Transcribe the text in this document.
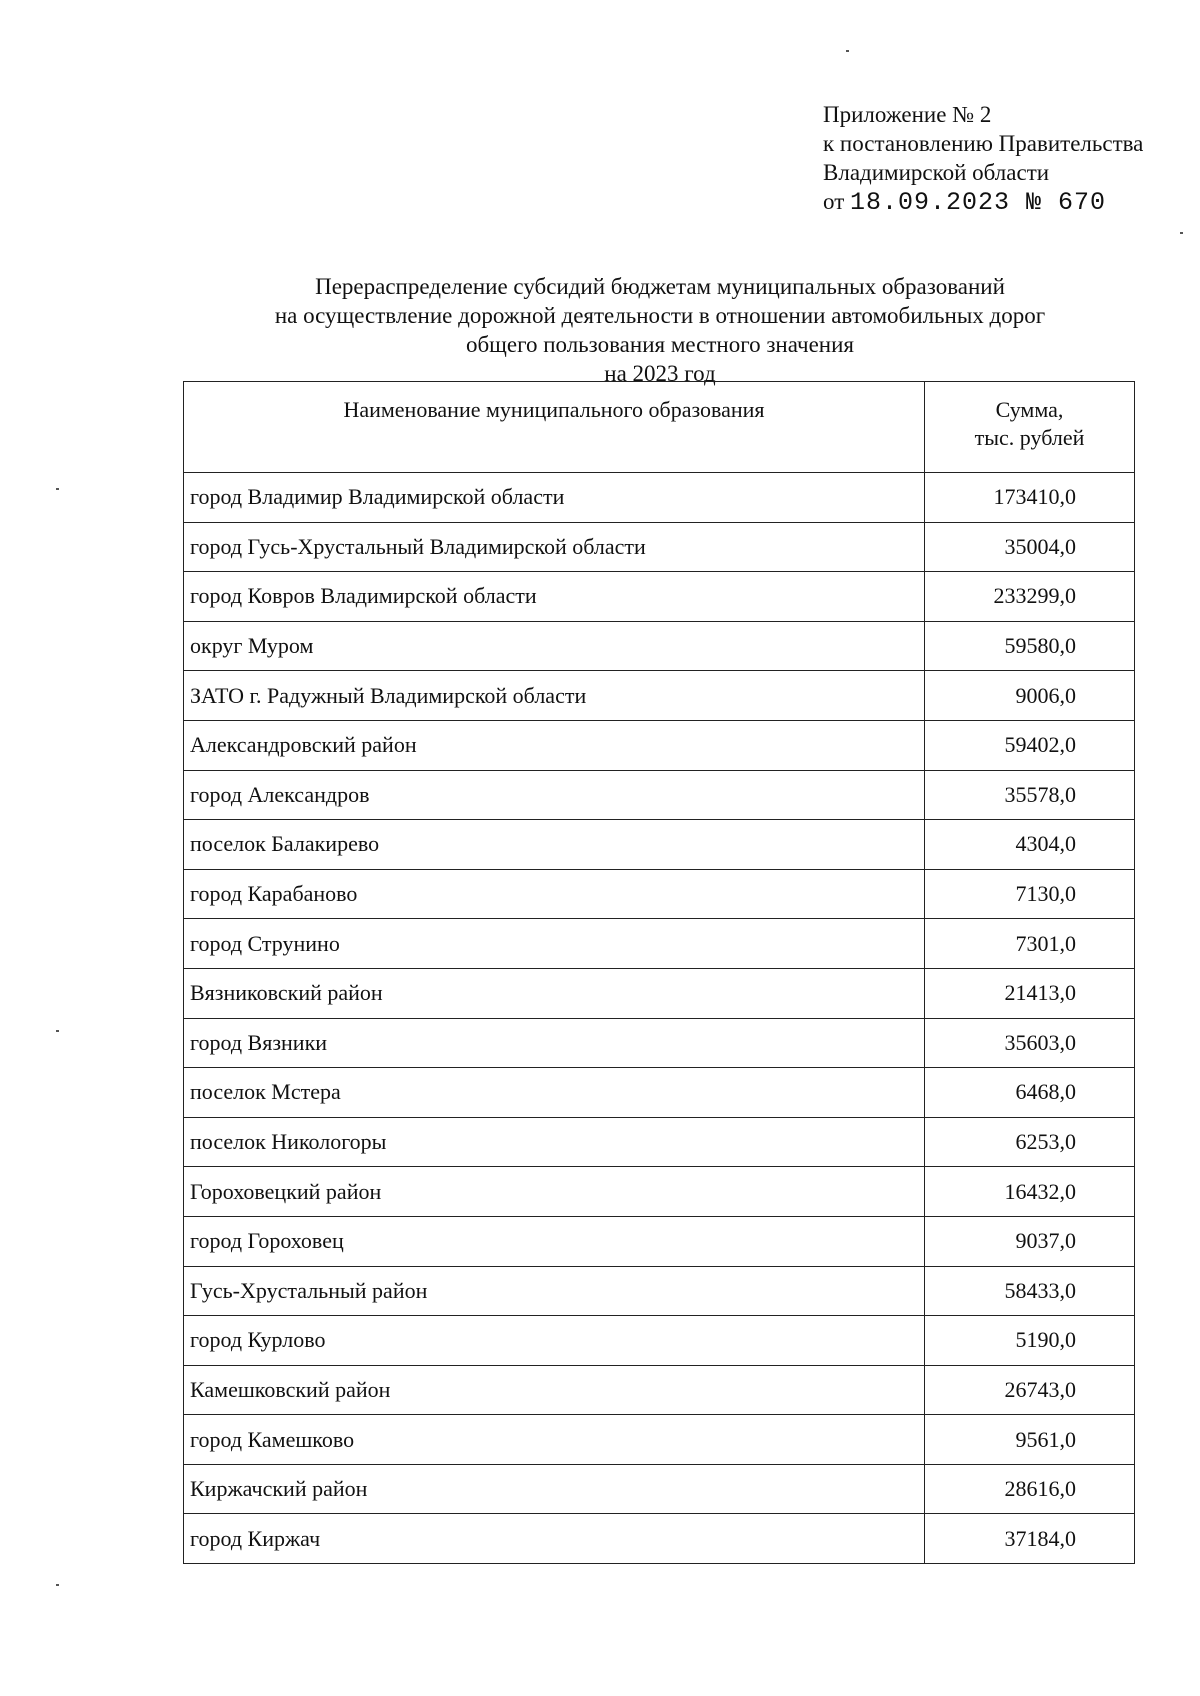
Приложение № 2
к постановлению Правительства
Владимирской области
от 18.09.2023 № 670
Перераспределение субсидий бюджетам муниципальных образований
на осуществление дорожной деятельности в отношении автомобильных дорог
общего пользования местного значения
на 2023 год
Наименование муниципального образования	Сумма,
тыс. рублей

город Владимир Владимирской области	173410,0
город Гусь-Хрустальный Владимирской области	35004,0
город Ковров Владимирской области	233299,0
округ Муром	59580,0
ЗАТО г. Радужный Владимирской области	9006,0
Александровский район	59402,0
город Александров	35578,0
поселок Балакирево	4304,0
город Карабаново	7130,0
город Струнино	7301,0
Вязниковский район	21413,0
город Вязники	35603,0
поселок Мстера	6468,0
поселок Никологоры	6253,0
Гороховецкий район	16432,0
город Гороховец	9037,0
Гусь-Хрустальный район	58433,0
город Курлово	5190,0
Камешковский район	26743,0
город Камешково	9561,0
Киржачский район	28616,0
город Киржач	37184,0
